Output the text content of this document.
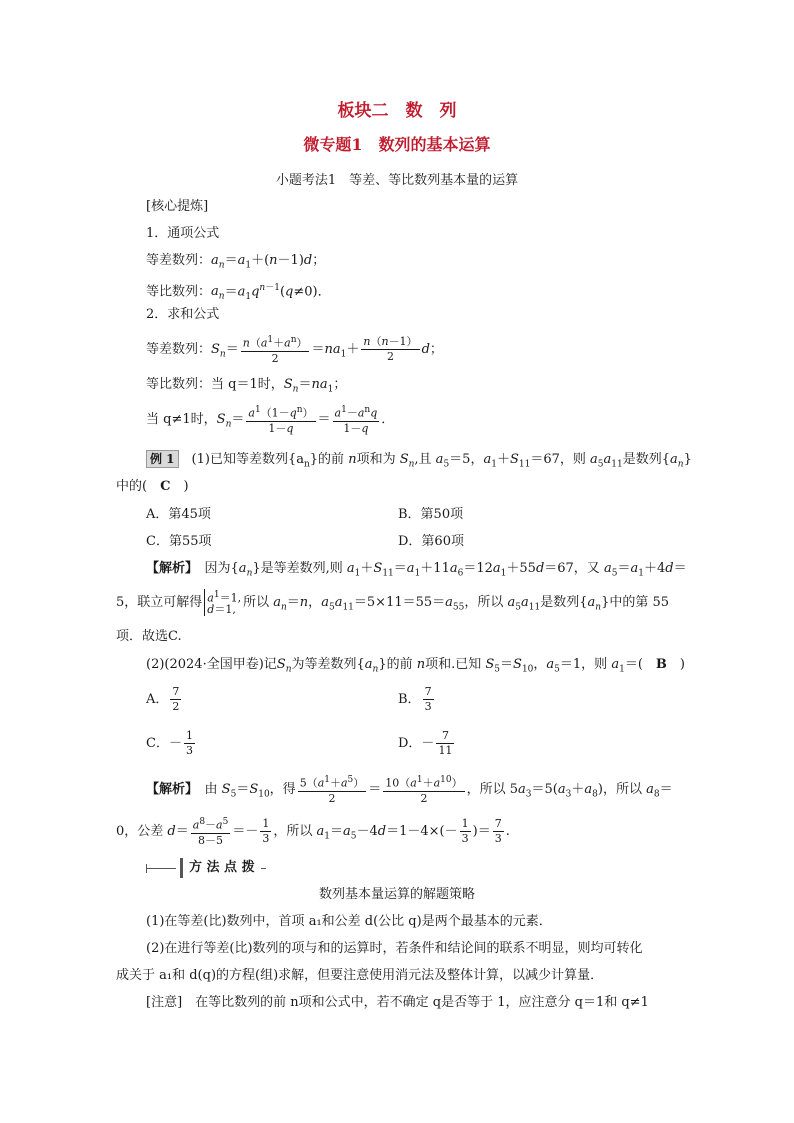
板块二　数　列
微专题1　数列的基本运算
小题考法1　等差、等比数列基本量的运算
[核心提炼]
1．通项公式
等差数列：$a_n=a_1+(n-1)d$；
等比数列：$a_n=a_1q^{n-1}(q\ne 0)$．
2．求和公式
等差数列：$S_n= \frac{n(a^1+a^n)}{2} =na_1+ \frac{n(n-1)}{2}$ d；
等比数列：当 q＝1时，$S_n=na_1$；
当 q≠1时，$S_n= \frac{a^1(1-q^n)}{1-q} = \frac{a^1-a^nq}{1-q}$ ．
例 1　 (1)已知等差数列$\{a_n\}$的前 n项和为 $S_n$,且 $a_5=5$，$a_1+S_{11}=67$，则 $a_5a_{11}$是数列$\{a_n\}$
中的(　 C　 )
A．第45项	B．第50项
C．第55项	D．第60项
【解析】　因为$\{a_n\}$是等差数列,则 $a_1+S_{11}=a_1+11a_6=12a_1+55d=67$，又 $a_5=a_1+4d=$
5，联立可解得 $a^1=1$,
d＝1, 所以 $a_n=n$，$a_5a_{11}=5\times 11=55=a_{55}$，所以 $a_5a_{11}$是数列$\{a_n\}$中的第 55
项．故选C.
(2)(2024·全国甲卷)记$S_n$为等差数列$\{a_n\}$的前 n项和.已知 $S_5=S_{10}$，$a_5=1$，则 $a_1=$(　B　)
A． $\frac{7}{2}$	B． $\frac{7}{3}$
C．－ $\frac{1}{3}$	D．－ $\frac{7}{11}$
【解析】　由 $S_5=S_{10}$，得 $\frac{5(a^1+a^5)}{2} = \frac{10(a^1+a^{10})}{2}$ ，所以 $5a_3=5(a_3+a_8)$，所以 $a_8=$
0，公差 $d= \frac{a^8-a^5}{8-5} =- \frac{1}{3}$ ，所以 $a_1=a_5-4d=1-4\times(- \frac{1}{3}$ )＝ $\frac{7}{3}$ .
方 法 点 拨
数列基本量运算的解题策略
(1)在等差(比)数列中，首项 a₁和公差 d(公比 q)是两个最基本的元素．
(2)在进行等差(比)数列的项与和的运算时，若条件和结论间的联系不明显，则均可转化
成关于 a₁和 d(q)的方程(组)求解，但要注意使用消元法及整体计算，以减少计算量．
[注意]　在等比数列的前 n项和公式中，若不确定 q是否等于 1，应注意分 q＝1和 q≠1
